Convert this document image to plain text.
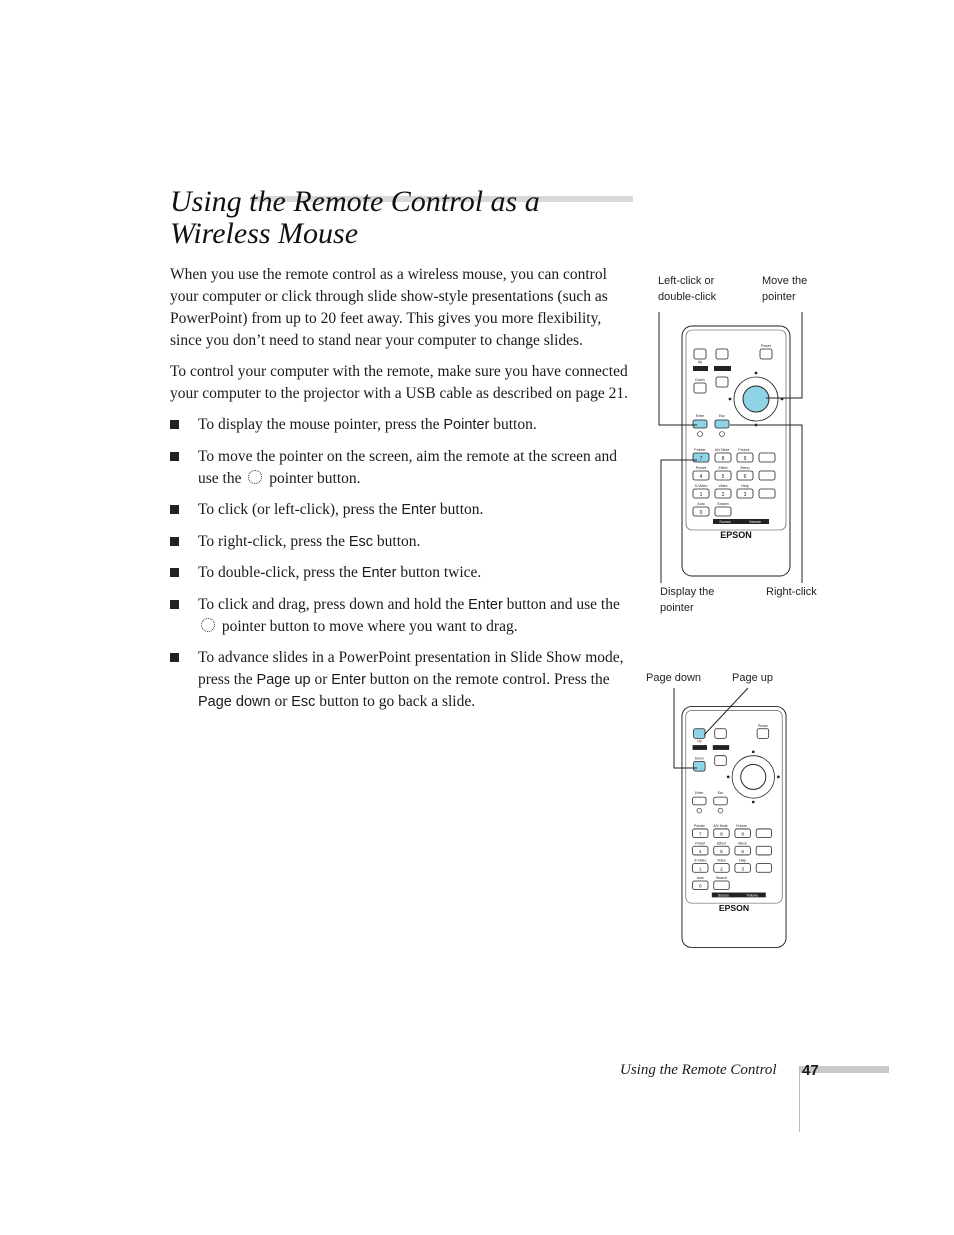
Using the Remote Control as a Wireless Mouse

When you use the remote control as a wireless mouse, you can control your computer or click through slide show-style presentations (such as PowerPoint) from up to 20 feet away. This gives you more flexibility, since you don’t need to stand near your computer to change slides.

To control your computer with the remote, make sure you have connected your computer to the projector with a USB cable as described on page 21.

To display the mouse pointer, press the Pointer button.
To move the pointer on the screen, aim the remote at the screen and use the  pointer button.
To click (or left-click), press the Enter button.
To right-click, press the Esc button.
To double-click, press the Enter button twice.
To click and drag, press down and hold the Enter button and use the  pointer button to move where you want to drag.
To advance slides in a PowerPoint presentation in Slide Show mode, press the Page up or Enter button on the remote control. Press the Page down or Esc button to go back a slide.
Left-click or double-click
Move the pointer
Display the pointer
Right-click
Page down	Page up
Up
Down
Power
Enter	Esc
Pointer A/V Mute	Freeze
7	8	9
Preset	Effect	Menu
4	5	6
S-Video	Video	Help
1	2	3
Auto	Search
0
Source	Volume
EPSON
Up
Down
Power
Enter	Esc
Pointer A/V Mute Freeze
7	8	9
Preset	Effect	Menu
4	5	6
S-Video	Video	Help
1	2	3
Auto	Search
0
Source	Volume
EPSON
Using the Remote Control 47
